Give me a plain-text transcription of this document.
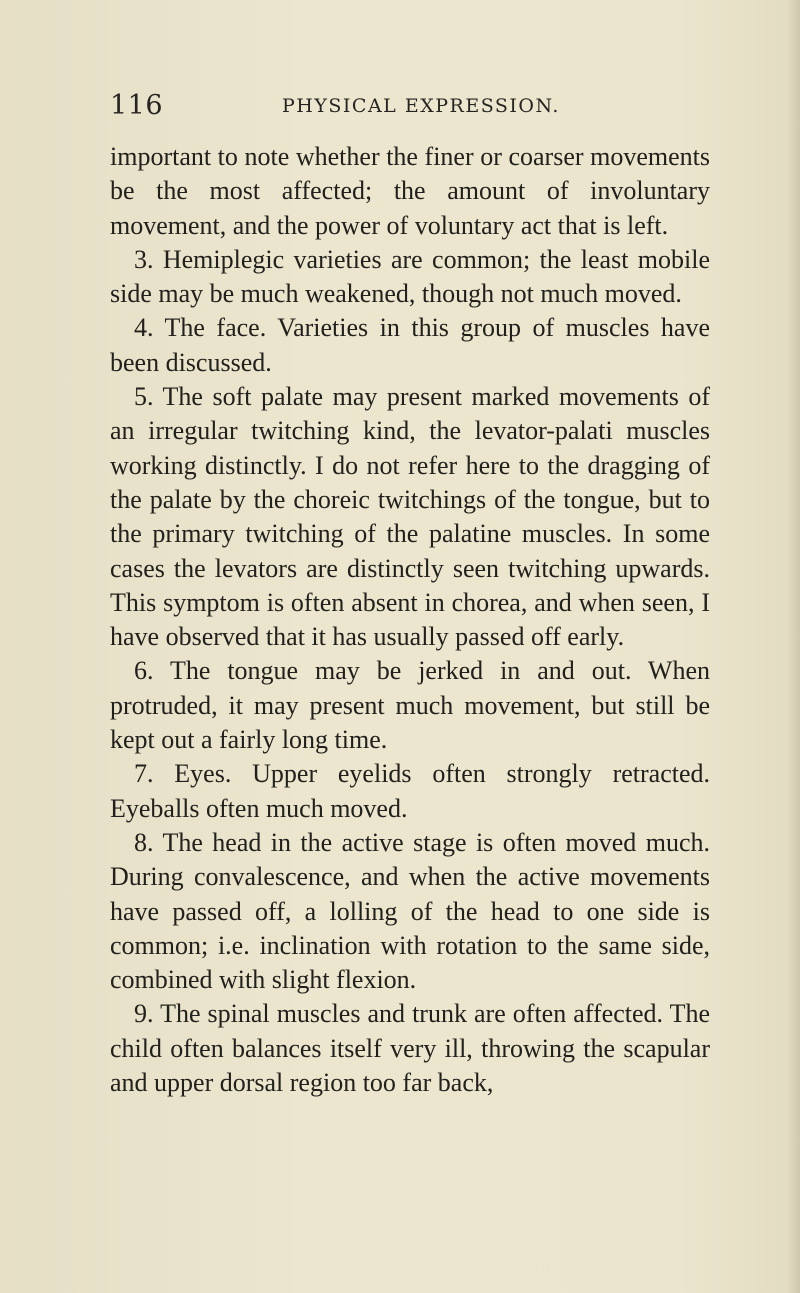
116	PHYSICAL EXPRESSION.

important to note whether the finer or coarser movements be the most affected; the amount of involuntary movement, and the power of voluntary act that is left.

3. Hemiplegic varieties are common; the least mobile side may be much weakened, though not much moved.

4. The face. Varieties in this group of muscles have been discussed.

5. The soft palate may present marked movements of an irregular twitching kind, the levator-palati muscles working distinctly. I do not refer here to the dragging of the palate by the choreic twitchings of the tongue, but to the primary twitching of the palatine muscles. In some cases the levators are distinctly seen twitching upwards. This symptom is often absent in chorea, and when seen, I have observed that it has usually passed off early.

6. The tongue may be jerked in and out. When protruded, it may present much movement, but still be kept out a fairly long time.

7. Eyes. Upper eyelids often strongly retracted. Eyeballs often much moved.

8. The head in the active stage is often moved much. During convalescence, and when the active movements have passed off, a lolling of the head to one side is common; i.e. inclination with rotation to the same side, combined with slight flexion.

9. The spinal muscles and trunk are often affected. The child often balances itself very ill, throwing the scapular and upper dorsal region too far back,
